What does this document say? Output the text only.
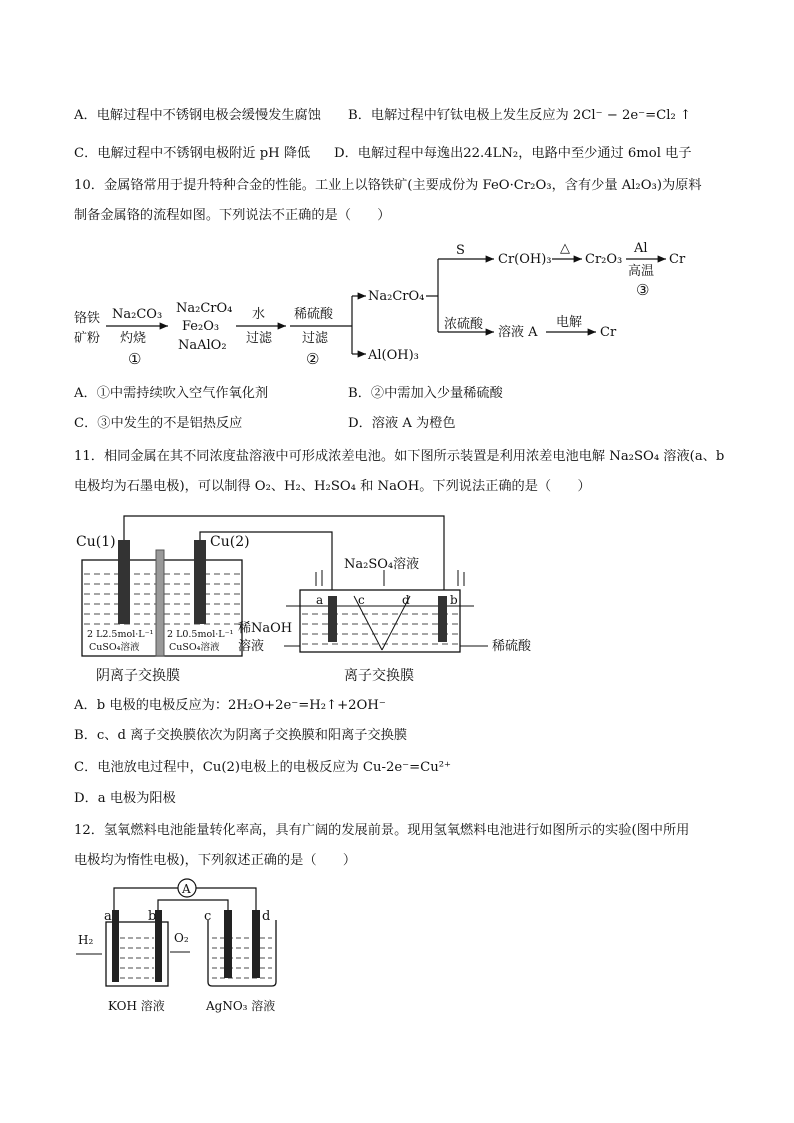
A．电解过程中不锈钢电极会缓慢发生腐蚀 B．电解过程中钌钛电极上发生反应为 2Cl⁻ − 2e⁻=Cl₂ ↑
C．电解过程中不锈钢电极附近 pH 降低 D．电解过程中每逸出22.4LN₂，电路中至少通过 6mol 电子
10．金属铬常用于提升特种合金的性能。工业上以铬铁矿(主要成份为 FeO·Cr₂O₃，含有少量 Al₂O₃)为原料
制备金属铬的流程如图。下列说法不正确的是（　　）
铬铁
矿粉
Na₂CO₃
灼烧
①
Na₂CrO₄
Fe₂O₃
NaAlO₂
水
过滤
稀硫酸
过滤
②
Na₂CrO₄
Al(OH)₃
S
Cr(OH)₃
△
Cr₂O₃
Al
高温
③
Cr
浓硫酸
溶液 A
电解
Cr
A．①中需持续吹入空气作氧化剂	B．②中需加入少量稀硫酸
C．③中发生的不是铝热反应	D．溶液 A 为橙色
11．相同金属在其不同浓度盐溶液中可形成浓差电池。如下图所示装置是利用浓差电池电解 Na₂SO₄ 溶液(a、b
电极均为石墨电极)，可以制得 O₂、H₂、H₂SO₄ 和 NaOH。下列说法正确的是（　　）
Cu(1)	Cu(2)
2 L2.5mol·L⁻¹
CuSO₄溶液
2 L0.5mol·L⁻¹
CuSO₄溶液
阴离子交换膜
a	b
c	d
Na₂SO₄溶液
稀NaOH
溶液	稀硫酸
离子交换膜
A．b 电极的电极反应为：2H₂O+2e⁻=H₂↑+2OH⁻
B．c、d 离子交换膜依次为阴离子交换膜和阳离子交换膜
C．电池放电过程中，Cu(2)电极上的电极反应为 Cu-2e⁻=Cu²⁺
D．a 电极为阳极
12．氢氧燃料电池能量转化率高，具有广阔的发展前景。现用氢氧燃料电池进行如图所示的实验(图中所用
电极均为惰性电极)，下列叙述正确的是（　　）
A
a	b
H₂	O₂
c	d
KOH 溶液	AgNO₃ 溶液
